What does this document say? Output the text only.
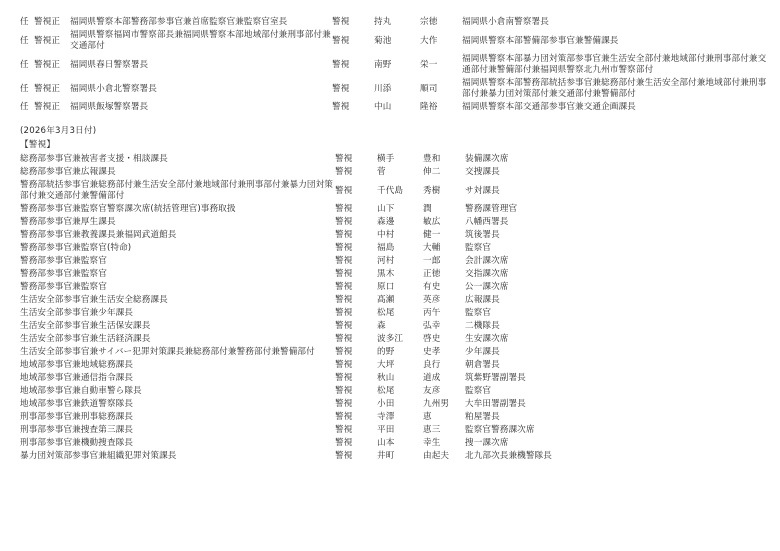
任	警視正	福岡県警察本部警務部参事官兼首席監察官兼監察官室長	警視	持丸	宗徳	福岡県小倉南警察署長
任	警視正	福岡県警察福岡市警察部長兼福岡県警察本部地域部付兼刑事部付兼交通部付	警視	菊池	大作	福岡県警察本部警備部参事官兼警備課長
任	警視正	福岡県春日警察署長	警視	南野	栄一	福岡県警察本部暴力団対策部参事官兼生活安全部付兼地域部付兼刑事部付兼交通部付兼警備部付兼福岡県警察北九州市警察部付
任	警視正	福岡県小倉北警察署長	警視	川添	順司	福岡県警察本部警務部統括参事官兼総務部付兼生活安全部付兼地域部付兼刑事部付兼暴力団対策部付兼交通部付兼警備部付
任	警視正	福岡県飯塚警察署長	警視	中山	隆裕	福岡県警察本部交通部参事官兼交通企画課長
(2026年3月3日付)
【警視】
総務部参事官兼被害者支援・相談課長	警視	横手	豊和	装備課次席
総務部参事官兼広報課長	警視	菅	伸二	交捜課長
警務部統括参事官兼総務部付兼生活安全部付兼地域部付兼刑事部付兼暴力団対策部付兼交通部付兼警備部付	警視	千代島	秀樹	サ対課長
警務部参事官兼監察官警察課次席(統括管理官)事務取扱	警視	山下	潤	警務課管理官
警務部参事官兼厚生課長	警視	森邊	敏広	八幡西署長
警務部参事官兼教養課長兼福岡武道館長	警視	中村	健一	筑後署長
警務部参事官兼監察官(特命)	警視	福島	大輔	監察官
警務部参事官兼監察官	警視	河村	一郎	会計課次席
警務部参事官兼監察官	警視	黒木	正徳	交指課次席
警務部参事官兼監察官	警視	原口	有史	公一課次席
生活安全部参事官兼生活安全総務課長	警視	髙瀬	英彦	広報課長
生活安全部参事官兼少年課長	警視	松尾	丙午	監察官
生活安全部参事官兼生活保安課長	警視	森	弘幸	二機隊長
生活安全部参事官兼生活経済課長	警視	波多江	啓史	生安課次席
生活安全部参事官兼サイバー犯罪対策課長兼総務部付兼警務部付兼警備部付	警視	的野	史孝	少年課長
地域部参事官兼地域総務課長	警視	大坪	良行	朝倉署長
地域部参事官兼通信指令課長	警視	秋山	道成	筑紫野署副署長
地域部参事官兼自動車警ら隊長	警視	松尾	友彦	監察官
地域部参事官兼鉄道警察隊長	警視	小田	九州男	大牟田署副署長
刑事部参事官兼刑事総務課長	警視	寺澤	恵	粕屋署長
刑事部参事官兼捜査第三課長	警視	平田	恵三	監察官警務課次席
刑事部参事官兼機動捜査隊長	警視	山本	幸生	捜一課次席
暴力団対策部参事官兼組織犯罪対策課長	警視	井町	由起夫	北九部次長兼機警隊長
